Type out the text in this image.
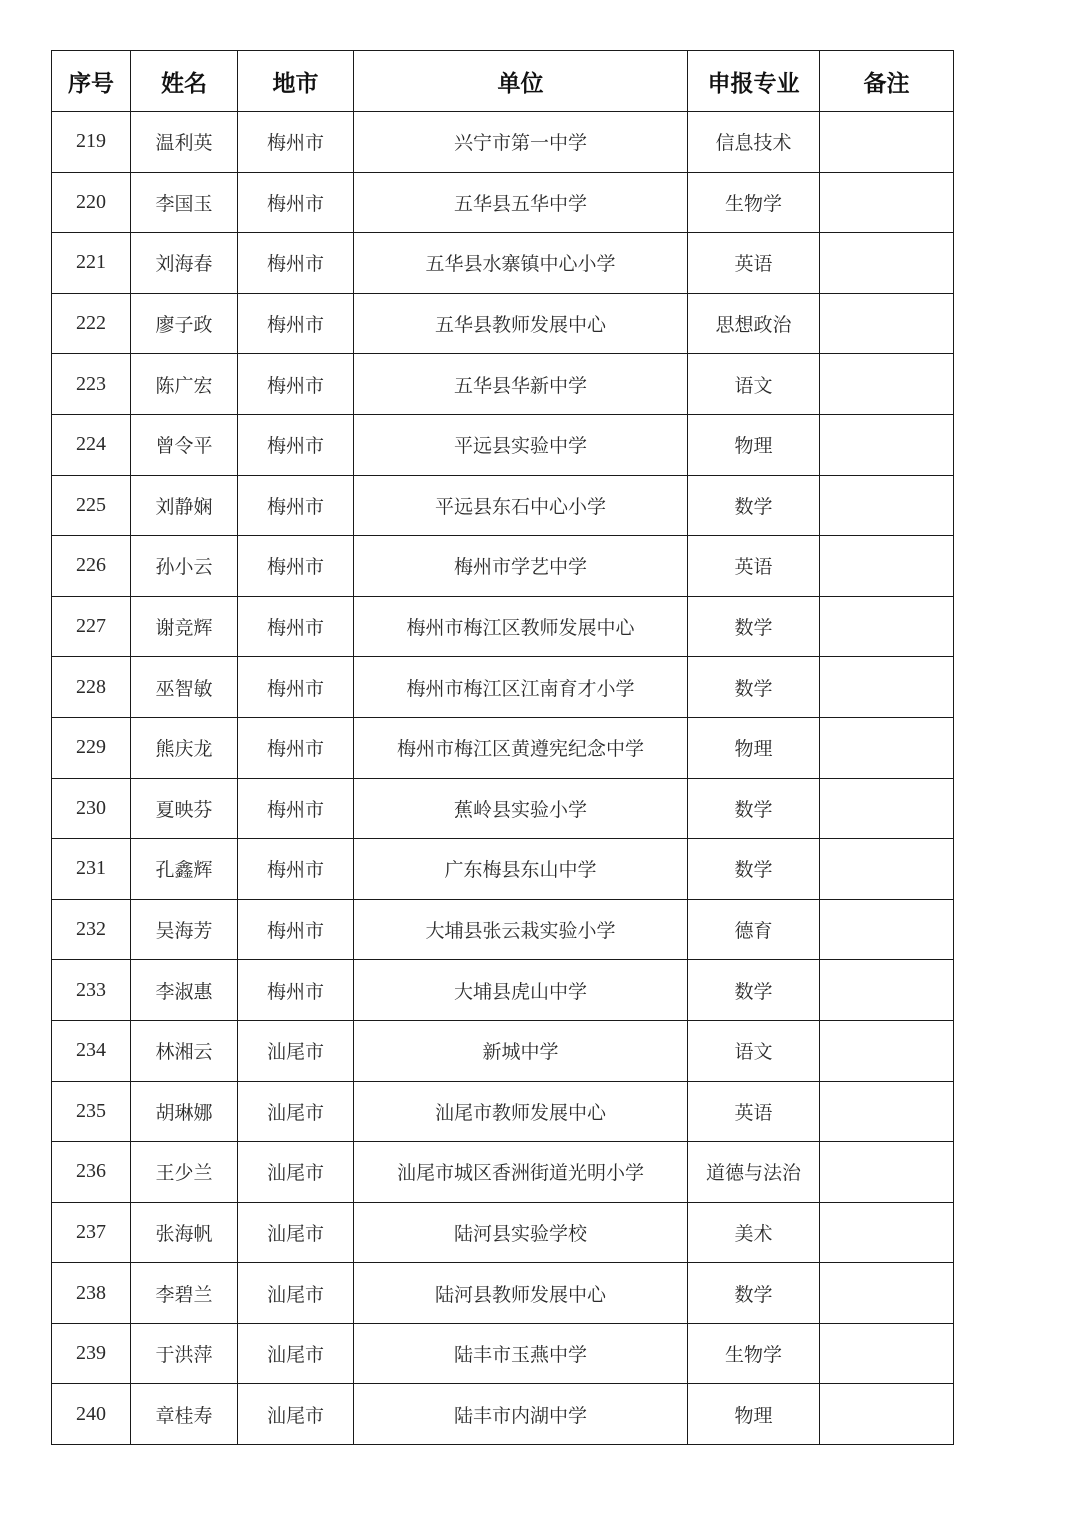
序号	姓名	地市	单位	申报专业	备注
219	温利英	梅州市	兴宁市第一中学	信息技术	
220	李国玉	梅州市	五华县五华中学	生物学	
221	刘海春	梅州市	五华县水寨镇中心小学	英语	
222	廖子政	梅州市	五华县教师发展中心	思想政治	
223	陈广宏	梅州市	五华县华新中学	语文	
224	曾令平	梅州市	平远县实验中学	物理	
225	刘静娴	梅州市	平远县东石中心小学	数学	
226	孙小云	梅州市	梅州市学艺中学	英语	
227	谢竞辉	梅州市	梅州市梅江区教师发展中心	数学	
228	巫智敏	梅州市	梅州市梅江区江南育才小学	数学	
229	熊庆龙	梅州市	梅州市梅江区黄遵宪纪念中学	物理	
230	夏映芬	梅州市	蕉岭县实验小学	数学	
231	孔鑫辉	梅州市	广东梅县东山中学	数学	
232	吴海芳	梅州市	大埔县张云栽实验小学	德育	
233	李淑惠	梅州市	大埔县虎山中学	数学	
234	林湘云	汕尾市	新城中学	语文	
235	胡琳娜	汕尾市	汕尾市教师发展中心	英语	
236	王少兰	汕尾市	汕尾市城区香洲街道光明小学	道德与法治	
237	张海帆	汕尾市	陆河县实验学校	美术	
238	李碧兰	汕尾市	陆河县教师发展中心	数学	
239	于洪萍	汕尾市	陆丰市玉燕中学	生物学	
240	章桂寿	汕尾市	陆丰市内湖中学	物理	
